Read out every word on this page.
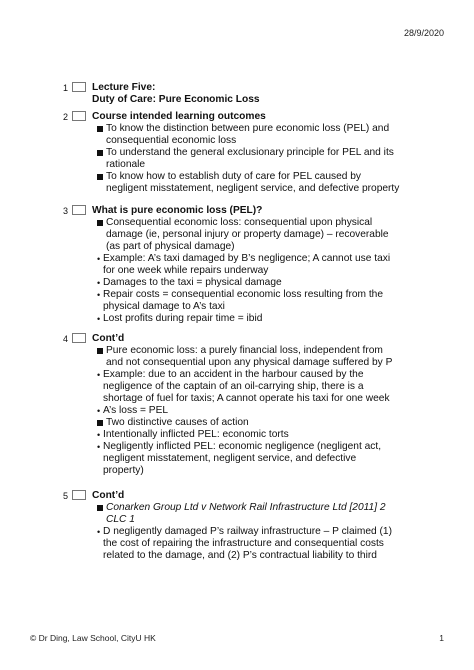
28/9/2020
1 Lecture Five:
Duty of Care: Pure Economic Loss
2 Course intended learning outcomes
To know the distinction between pure economic loss (PEL) and
consequential economic loss
To understand the general exclusionary principle for PEL and its
rationale
To know how to establish duty of care for PEL caused by
negligent misstatement, negligent service, and defective property
3 What is pure economic loss (PEL)?
Consequential economic loss: consequential upon physical
damage (ie, personal injury or property damage) – recoverable
(as part of physical damage)
• Example: A’s taxi damaged by B’s negligence; A cannot use taxi
for one week while repairs underway
• Damages to the taxi = physical damage
• Repair costs = consequential economic loss resulting from the
physical damage to A’s taxi
• Lost profits during repair time = ibid
4 Cont’d
Pure economic loss: a purely financial loss, independent from
and not consequential upon any physical damage suffered by P
• Example: due to an accident in the harbour caused by the
negligence of the captain of an oil-carrying ship, there is a
shortage of fuel for taxis; A cannot operate his taxi for one week
• A’s loss = PEL
Two distinctive causes of action
• Intentionally inflicted PEL: economic torts
• Negligently inflicted PEL: economic negligence (negligent act,
negligent misstatement, negligent service, and defective
property)
5 Cont’d
Conarken Group Ltd v Network Rail Infrastructure Ltd [2011] 2
CLC 1
• D negligently damaged P’s railway infrastructure – P claimed (1)
the cost of repairing the infrastructure and consequential costs
related to the damage, and (2) P’s contractual liability to third
© Dr Ding, Law School, CityU HK	1
